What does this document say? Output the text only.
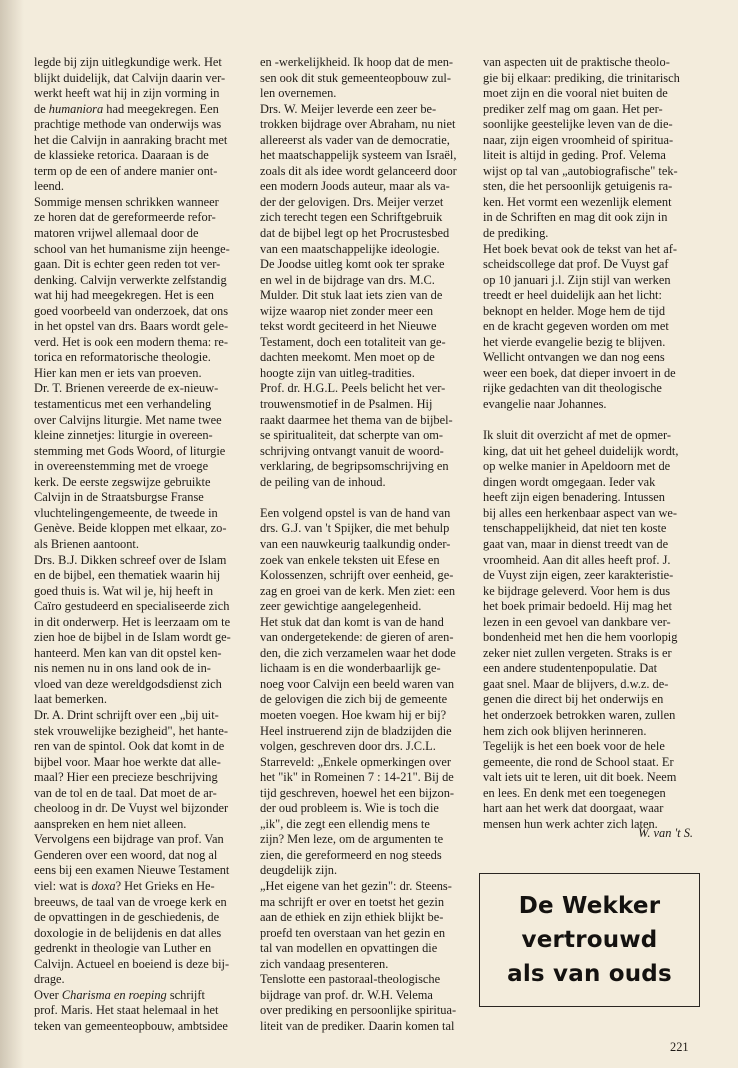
legde bij zijn uitlegkundige werk. Het
blijkt duidelijk, dat Calvijn daarin ver-
werkt heeft wat hij in zijn vorming in
de humaniora had meegekregen. Een
prachtige methode van onderwijs was
het die Calvijn in aanraking bracht met
de klassieke retorica. Daaraan is de
term op de een of andere manier ont-
leend.
Sommige mensen schrikken wanneer
ze horen dat de gereformeerde refor-
matoren vrijwel allemaal door de
school van het humanisme zijn heenge-
gaan. Dit is echter geen reden tot ver-
denking. Calvijn verwerkte zelfstandig
wat hij had meegekregen. Het is een
goed voorbeeld van onderzoek, dat ons
in het opstel van drs. Baars wordt gele-
verd. Het is ook een modern thema: re-
torica en reformatorische theologie.
Hier kan men er iets van proeven.
Dr. T. Brienen vereerde de ex-nieuw-
testamenticus met een verhandeling
over Calvijns liturgie. Met name twee
kleine zinnetjes: liturgie in overeen-
stemming met Gods Woord, of liturgie
in overeenstemming met de vroege
kerk. De eerste zegswijze gebruikte
Calvijn in de Straatsburgse Franse
vluchtelingengemeente, de tweede in
Genève. Beide kloppen met elkaar, zo-
als Brienen aantoont.
Drs. B.J. Dikken schreef over de Islam
en de bijbel, een thematiek waarin hij
goed thuis is. Wat wil je, hij heeft in
Caïro gestudeerd en specialiseerde zich
in dit onderwerp. Het is leerzaam om te
zien hoe de bijbel in de Islam wordt ge-
hanteerd. Men kan van dit opstel ken-
nis nemen nu in ons land ook de in-
vloed van deze wereldgodsdienst zich
laat bemerken.
Dr. A. Drint schrijft over een „bij uit-
stek vrouwelijke bezigheid", het hante-
ren van de spintol. Ook dat komt in de
bijbel voor. Maar hoe werkte dat alle-
maal? Hier een precieze beschrijving
van de tol en de taal. Dat moet de ar-
cheoloog in dr. De Vuyst wel bijzonder
aanspreken en hem niet alleen.
Vervolgens een bijdrage van prof. Van
Genderen over een woord, dat nog al
eens bij een examen Nieuwe Testament
viel: wat is doxa? Het Grieks en He-
breeuws, de taal van de vroege kerk en
de opvattingen in de geschiedenis, de
doxologie in de belijdenis en dat alles
gedrenkt in theologie van Luther en
Calvijn. Actueel en boeiend is deze bij-
drage.
Over Charisma en roeping schrijft
prof. Maris. Het staat helemaal in het
teken van gemeenteopbouw, ambtsidee
en -werkelijkheid. Ik hoop dat de men-
sen ook dit stuk gemeenteopbouw zul-
len overnemen.
Drs. W. Meijer leverde een zeer be-
trokken bijdrage over Abraham, nu niet
allereerst als vader van de democratie,
het maatschappelijk systeem van Israël,
zoals dit als idee wordt gelanceerd door
een modern Joods auteur, maar als va-
der der gelovigen. Drs. Meijer verzet
zich terecht tegen een Schriftgebruik
dat de bijbel legt op het Procrustesbed
van een maatschappelijke ideologie.
De Joodse uitleg komt ook ter sprake
en wel in de bijdrage van drs. M.C.
Mulder. Dit stuk laat iets zien van de
wijze waarop niet zonder meer een
tekst wordt geciteerd in het Nieuwe
Testament, doch een totaliteit van ge-
dachten meekomt. Men moet op de
hoogte zijn van uitleg-tradities.
Prof. dr. H.G.L. Peels belicht het ver-
trouwensmotief in de Psalmen. Hij
raakt daarmee het thema van de bijbel-
se spiritualiteit, dat scherpte van om-
schrijving ontvangt vanuit de woord-
verklaring, de begripsomschrijving en
de peiling van de inhoud.
Een volgend opstel is van de hand van
drs. G.J. van 't Spijker, die met behulp
van een nauwkeurig taalkundig onder-
zoek van enkele teksten uit Efese en
Kolossenzen, schrijft over eenheid, ge-
zag en groei van de kerk. Men ziet: een
zeer gewichtige aangelegenheid.
Het stuk dat dan komt is van de hand
van ondergetekende: de gieren of aren-
den, die zich verzamelen waar het dode
lichaam is en die wonderbaarlijk ge-
noeg voor Calvijn een beeld waren van
de gelovigen die zich bij de gemeente
moeten voegen. Hoe kwam hij er bij?
Heel instruerend zijn de bladzijden die
volgen, geschreven door drs. J.C.L.
Starreveld: „Enkele opmerkingen over
het "ik" in Romeinen 7 : 14-21". Bij de
tijd geschreven, hoewel het een bijzon-
der oud probleem is. Wie is toch die
„ik", die zegt een ellendig mens te
zijn? Men leze, om de argumenten te
zien, die gereformeerd en nog steeds
deugdelijk zijn.
„Het eigene van het gezin": dr. Steens-
ma schrijft er over en toetst het gezin
aan de ethiek en zijn ethiek blijkt be-
proefd ten overstaan van het gezin en
tal van modellen en opvattingen die
zich vandaag presenteren.
Tenslotte een pastoraal-theologische
bijdrage van prof. dr. W.H. Velema
over prediking en persoonlijke spiritua-
liteit van de prediker. Daarin komen tal
van aspecten uit de praktische theolo-
gie bij elkaar: prediking, die trinitarisch
moet zijn en die vooral niet buiten de
prediker zelf mag om gaan. Het per-
soonlijke geestelijke leven van de die-
naar, zijn eigen vroomheid of spiritua-
liteit is altijd in geding. Prof. Velema
wijst op tal van „autobiografische" tek-
sten, die het persoonlijk getuigenis ra-
ken. Het vormt een wezenlijk element
in de Schriften en mag dit ook zijn in
de prediking.
Het boek bevat ook de tekst van het af-
scheidscollege dat prof. De Vuyst gaf
op 10 januari j.l. Zijn stijl van werken
treedt er heel duidelijk aan het licht:
beknopt en helder. Moge hem de tijd
en de kracht gegeven worden om met
het vierde evangelie bezig te blijven.
Wellicht ontvangen we dan nog eens
weer een boek, dat dieper invoert in de
rijke gedachten van dit theologische
evangelie naar Johannes.
Ik sluit dit overzicht af met de opmer-
king, dat uit het geheel duidelijk wordt,
op welke manier in Apeldoorn met de
dingen wordt omgegaan. Ieder vak
heeft zijn eigen benadering. Intussen
bij alles een herkenbaar aspect van we-
tenschappelijkheid, dat niet ten koste
gaat van, maar in dienst treedt van de
vroomheid. Aan dit alles heeft prof. J.
de Vuyst zijn eigen, zeer karakteristie-
ke bijdrage geleverd. Voor hem is dus
het boek primair bedoeld. Hij mag het
lezen in een gevoel van dankbare ver-
bondenheid met hen die hem voorlopig
zeker niet zullen vergeten. Straks is er
een andere studentenpopulatie. Dat
gaat snel. Maar de blijvers, d.w.z. de-
genen die direct bij het onderwijs en
het onderzoek betrokken waren, zullen
hem zich ook blijven herinneren.
Tegelijk is het een boek voor de hele
gemeente, die rond de School staat. Er
valt iets uit te leren, uit dit boek. Neem
en lees. En denk met een toegenegen
hart aan het werk dat doorgaat, waar
mensen hun werk achter zich laten.
W. van 't S.
De Wekker
vertrouwd
als van ouds
221
